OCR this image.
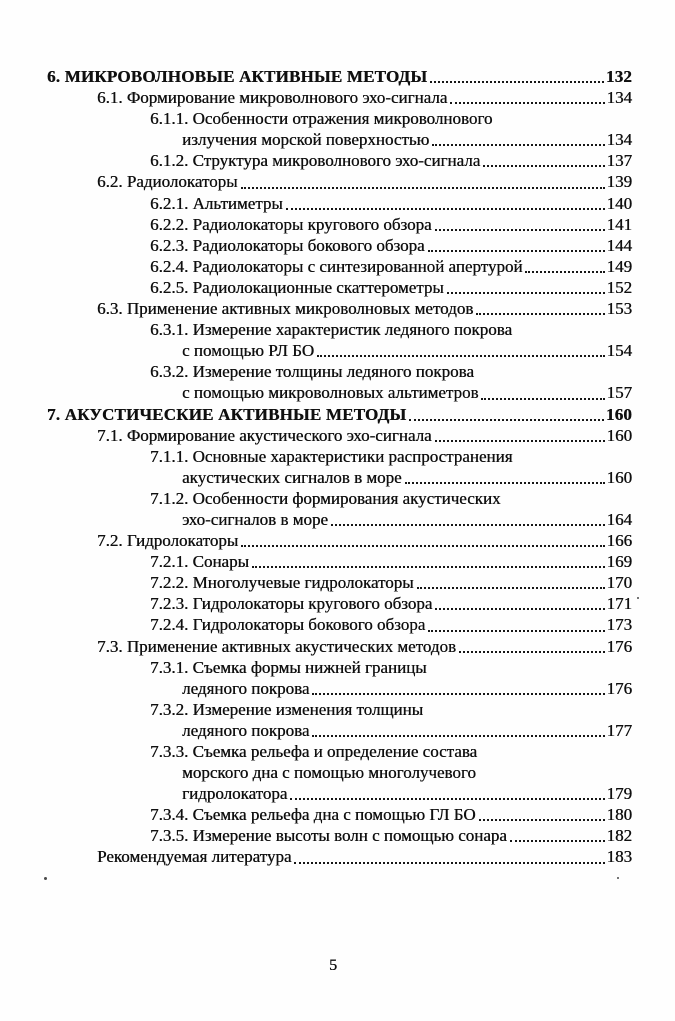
6. МИКРОВОЛНОВЫЕ АКТИВНЫЕ МЕТОДЫ	132
6.1. Формирование микроволнового эхо-сигнала	134
6.1.1. Особенности отражения микроволнового
излучения морской поверхностью	134
6.1.2. Структура микроволнового эхо-сигнала	137
6.2. Радиолокаторы	139
6.2.1. Альтиметры	140
6.2.2. Радиолокаторы кругового обзора	141
6.2.3. Радиолокаторы бокового обзора	144
6.2.4. Радиолокаторы с синтезированной апертурой	149
6.2.5. Радиолокационные скаттерометры	152
6.3. Применение активных микроволновых методов	153
6.3.1. Измерение характеристик ледяного покрова
с помощью РЛ БО	154
6.3.2. Измерение толщины ледяного покрова
с помощью микроволновых альтиметров	157
7. АКУСТИЧЕСКИЕ АКТИВНЫЕ МЕТОДЫ	160
7.1. Формирование акустического эхо-сигнала	160
7.1.1. Основные характеристики распространения
акустических сигналов в море	160
7.1.2. Особенности формирования акустических
эхо-сигналов в море	164
7.2. Гидролокаторы	166
7.2.1. Сонары	169
7.2.2. Многолучевые гидролокаторы	170
7.2.3. Гидролокаторы кругового обзора	171
7.2.4. Гидролокаторы бокового обзора	173
7.3. Применение активных акустических методов	176
7.3.1. Съемка формы нижней границы
ледяного покрова	176
7.3.2. Измерение изменения толщины
ледяного покрова	177
7.3.3. Съемка рельефа и определение состава
морского дна с помощью многолучевого
гидролокатора	179
7.3.4. Съемка рельефа дна с помощью ГЛ БО	180
7.3.5. Измерение высоты волн с помощью сонара	182
Рекомендуемая литература	183
5
